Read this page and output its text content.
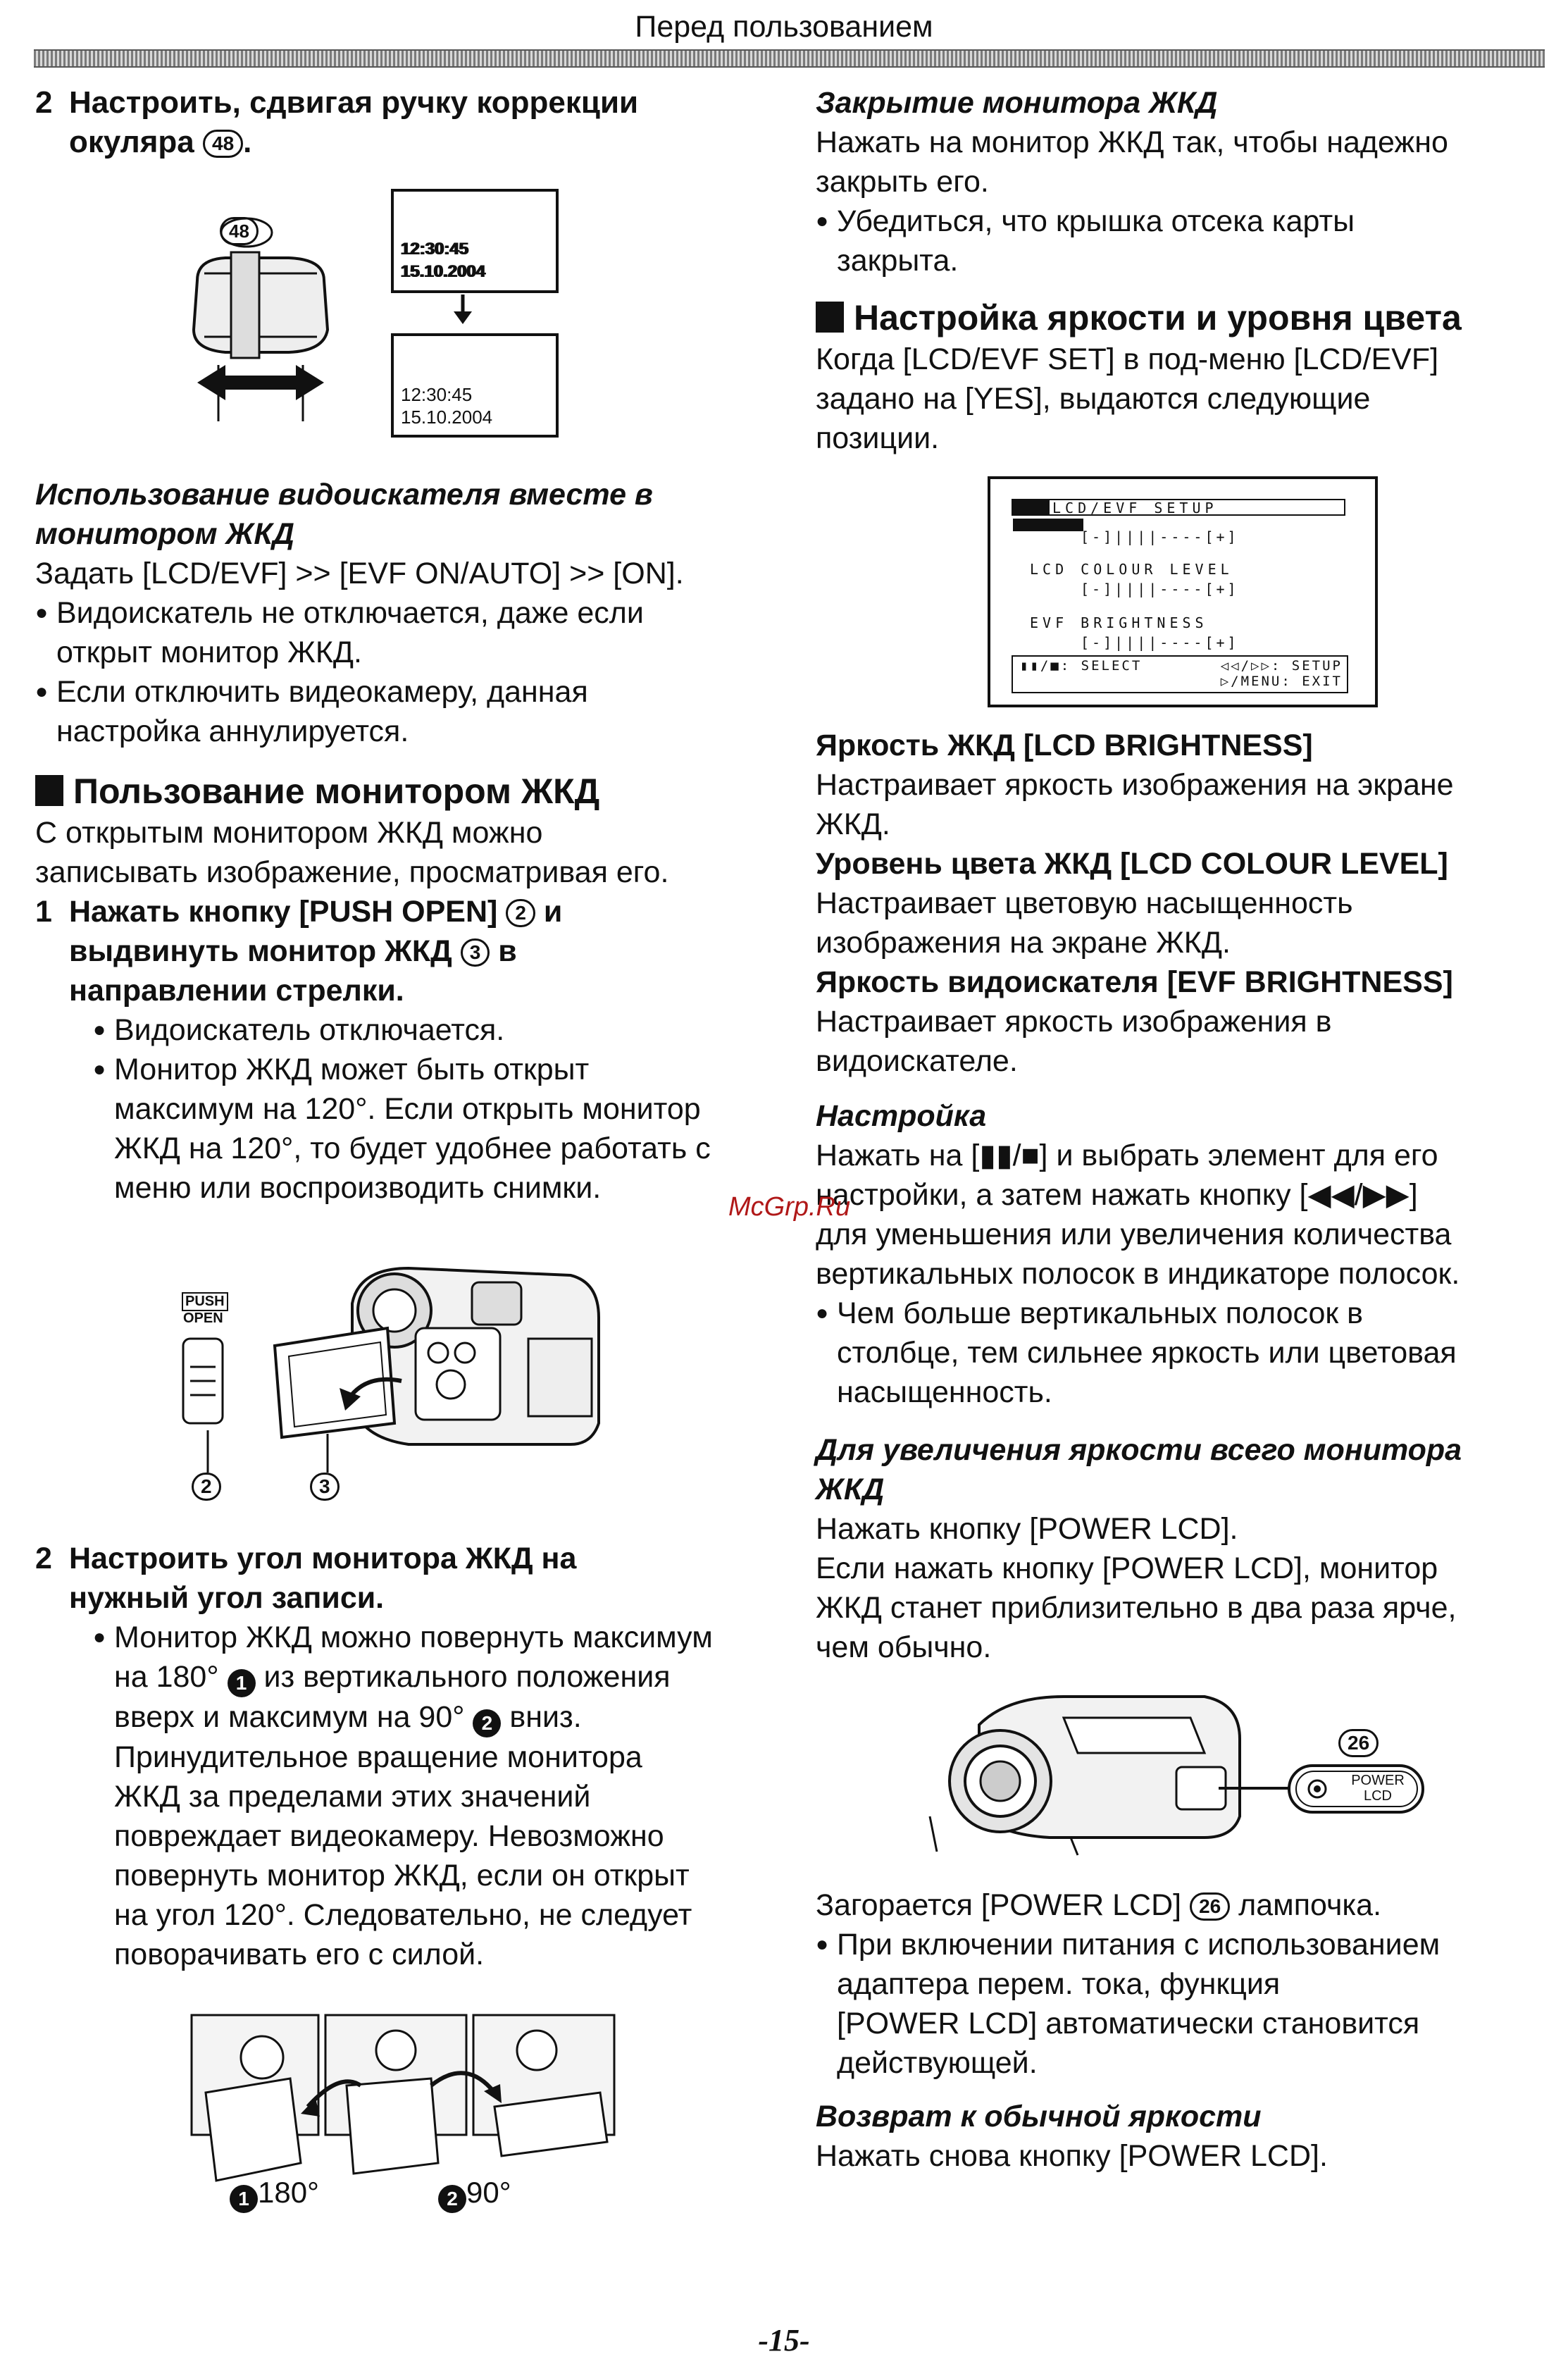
Перед пользованием
2 Настроить, сдвигая ручку коррекции
окуляра 48 .
48
12:30:45
15.10.2004
12:30:45
15.10.2004
Использование видоискателя вместе в
монитором ЖКД
Задать [LCD/EVF] >> [EVF ON/AUTO] >> [ON].
● Видоискатель не отключается, даже если
открыт монитор ЖКД.
● Если отключить видеокамеру, данная
настройка аннулируется.
Пользование монитором ЖКД
С открытым монитором ЖКД можно
записывать изображение, просматривая его.
1 Нажать кнопку [PUSH OPEN] 2 и
выдвинуть монитор ЖКД 3 в
направлении стрелки.
● Видоискатель отключается.
● Монитор ЖКД может быть открыт
максимум на 120°. Если открыть монитор
ЖКД на 120°, то будет удобнее работать с
меню или воспроизводить снимки.
PUSH
OPEN
2	3
2 Настроить угол монитора ЖКД на
нужный угол записи.
● Монитор ЖКД можно повернуть максимум
на 180° 1 из вертикального положения
вверх и максимум на 90° 2 вниз.
Принудительное вращение монитора
ЖКД за пределами этих значений
повреждает видеокамеру. Невозможно
повернуть монитор ЖКД, если он открыт
на угол 120°. Следовательно, не следует
поворачивать его с силой.
1 180°	2 90°
Закрытие монитора ЖКД
Нажать на монитор ЖКД так, чтобы надежно
закрыть его.
● Убедиться, что крышка отсека карты
закрыта.
Настройка яркости и уровня цвета
Когда [LCD/EVF SET] в под-меню [LCD/EVF]
задано на [YES], выдаются следующие
позиции.
LCD/EVF SETUP
[-]||||----[+]
LCD COLOUR LEVEL
[-]||||----[+]
EVF BRIGHTNESS
[-]||||----[+]
▮▮/■: SELECT	◁◁/▷▷: SETUP
▷/MENU: EXIT
Яркость ЖКД [LCD BRIGHTNESS]
Настраивает яркость изображения на экране
ЖКД.
Уровень цвета ЖКД [LCD COLOUR LEVEL]
Настраивает цветовую насыщенность
изображения на экране ЖКД.
Яркость видоискателя [EVF BRIGHTNESS]
Настраивает яркость изображения в
видоискателе.
Настройка
Нажать на [▮▮/■] и выбрать элемент для его
настройки, а затем нажать кнопку [◀◀/▶▶]
для уменьшения или увеличения количества
вертикальных полосок в индикаторе полосок.
● Чем больше вертикальных полосок в
столбце, тем сильнее яркость или цветовая
насыщенность.
Для увеличения яркости всего монитора
ЖКД
Нажать кнопку [POWER LCD].
Если нажать кнопку [POWER LCD], монитор
ЖКД станет приблизительно в два раза ярче,
чем обычно.
26
POWER
LCD
Загорается [POWER LCD] 26 лампочка.
● При включении питания с использованием
адаптера перем. тока, функция
[POWER LCD] автоматически становится
действующей.
Возврат к обычной яркости
Нажать снова кнопку [POWER LCD].
McGrp.Ru
-15-
